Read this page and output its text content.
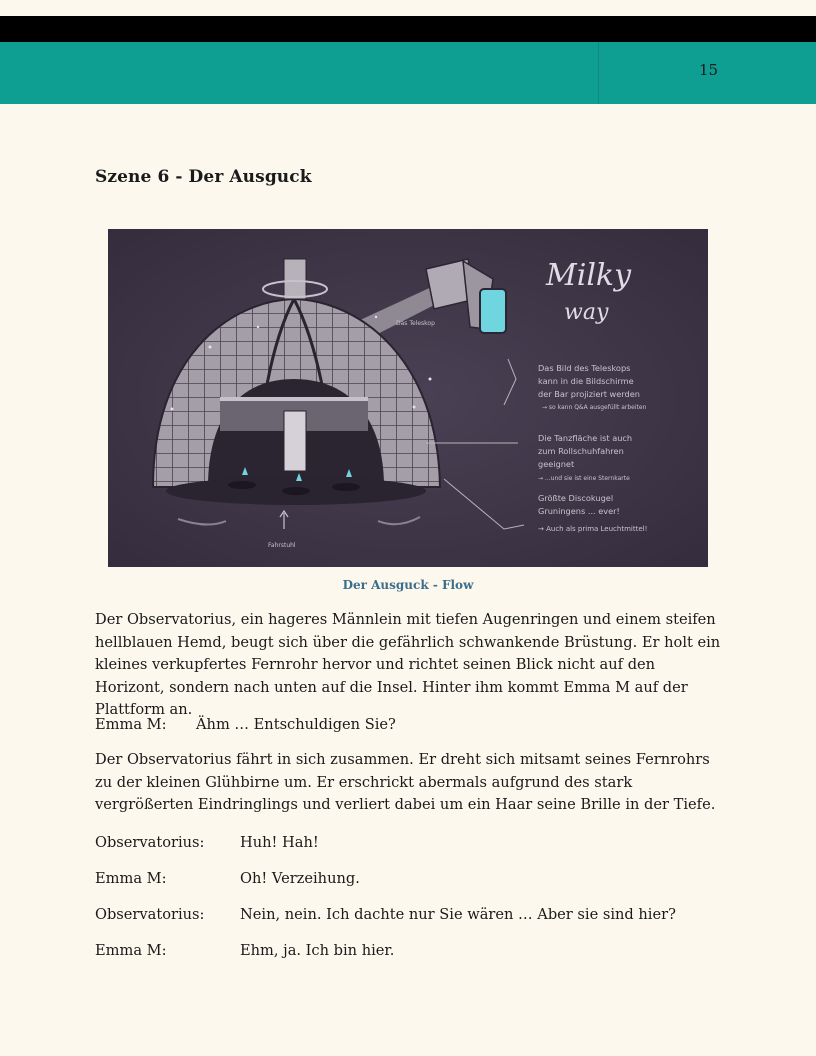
15
Szene 6 - Der Ausguck
Fahrstuhl
Das Teleskop
Milky
way
Das Bild des Teleskops
kann in die Bildschirme
der Bar projiziert werden
→ so kann Q&A ausgefüllt arbeiten
Die Tanzfläche ist auch
zum Rollschuhfahren
geeignet
→ ...und sie ist eine Sternkarte
Größte Discokugel
Gruningens ... ever!
→ Auch als prima Leuchtmittel!
Der Ausguck - Flow

Der Observatorius, ein hageres Männlein mit tiefen Augenringen und einem steifen hellblauen Hemd, beugt sich über die gefährlich schwankende Brüstung. Er holt ein kleines verkupfertes Fernrohr hervor und richtet seinen Blick nicht auf den Horizont, sondern nach unten auf die Insel. Hinter ihm kommt Emma M auf der Plattform an.

Emma M: Ähm … Entschuldigen Sie?

Der Observatorius fährt in sich zusammen. Er dreht sich mitsamt seines Fernrohrs zu der kleinen Glühbirne um. Er erschrickt abermals aufgrund des stark vergrößerten Eindringlings und verliert dabei um ein Haar seine Brille in der Tiefe.

Observatorius: Huh! Hah!
Emma M:	Oh! Verzeihung.
Observatorius: Nein, nein. Ich dachte nur Sie wären … Aber sie sind hier?
Emma M:	Ehm, ja. Ich bin hier.
